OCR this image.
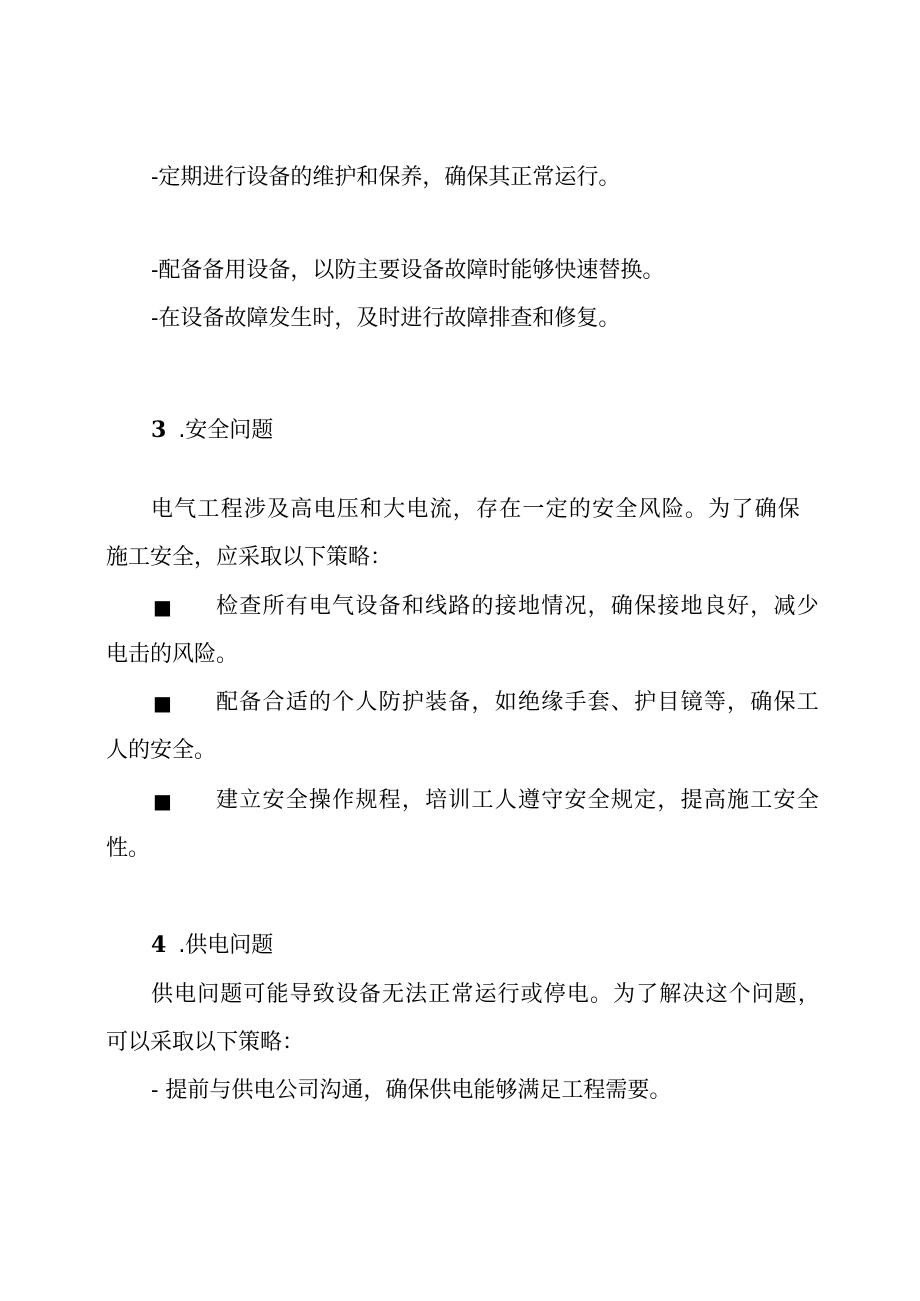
-定期进行设备的维护和保养，确保其正常运行。
-配备备用设备，以防主要设备故障时能够快速替换。
-在设备故障发生时，及时进行故障排查和修复。
3 .安全问题
电气工程涉及高电压和大电流，存在一定的安全风险。为了确保
施工安全，应采取以下策略：
■ 检查所有电气设备和线路的接地情况，确保接地良好，减少
电击的风险。
■ 配备合适的个人防护装备，如绝缘手套、护目镜等，确保工
人的安全。
■ 建立安全操作规程，培训工人遵守安全规定，提高施工安全
性。
4 .供电问题
供电问题可能导致设备无法正常运行或停电。为了解决这个问题，
可以采取以下策略：
- 提前与供电公司沟通，确保供电能够满足工程需要。
